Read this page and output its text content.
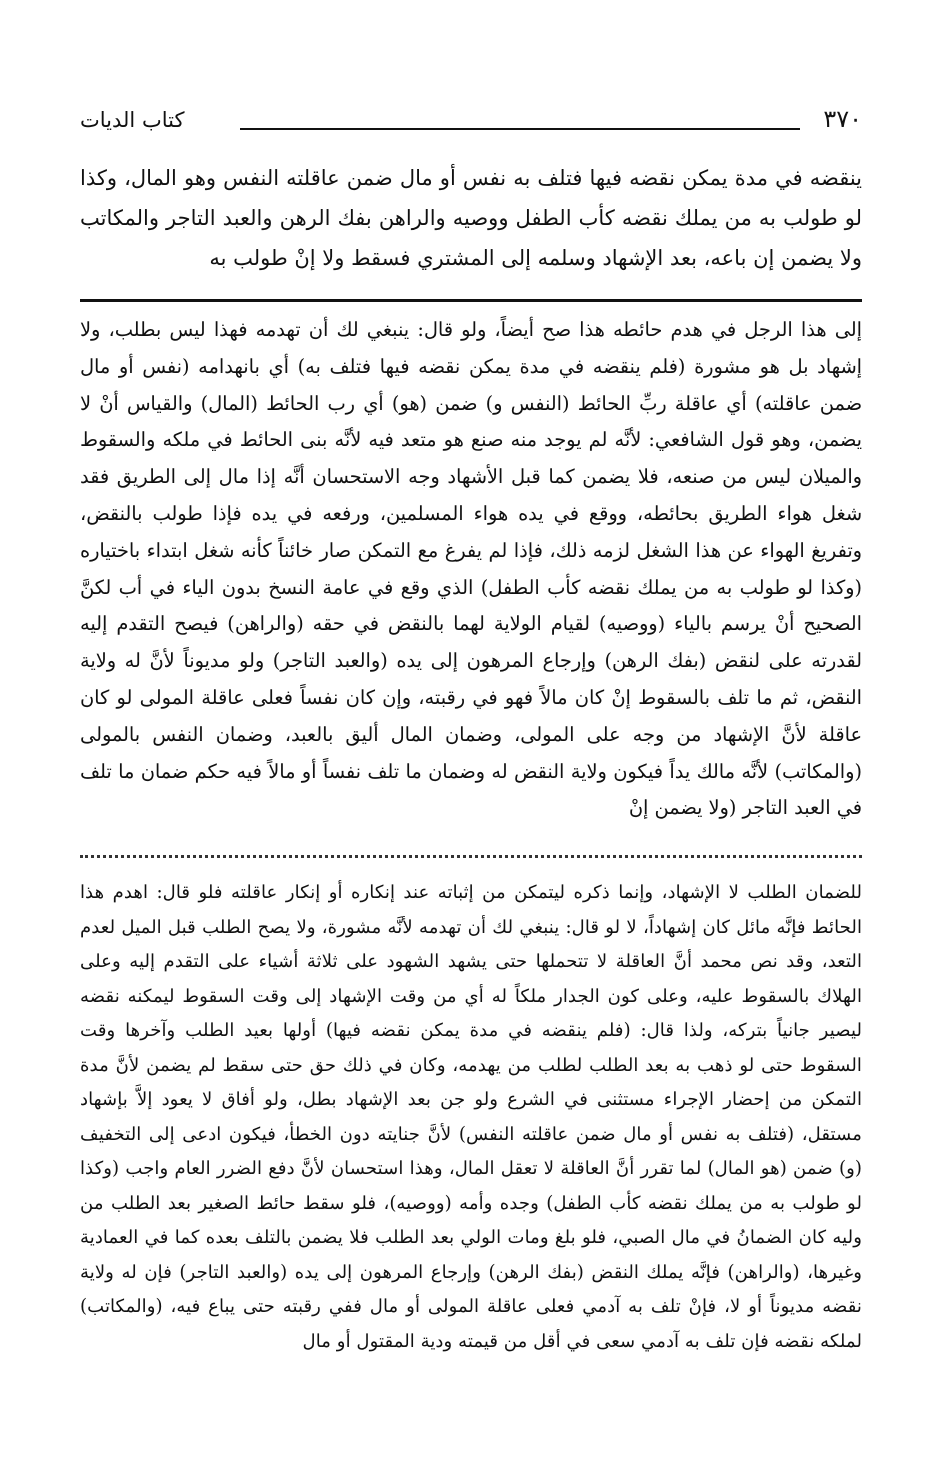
٣٧٠
كتاب الديات

ينقضه في مدة يمكن نقضه فيها فتلف به نفس أو مال ضمن عاقلته النفس وهو المال، وكذا لو طولب به من يملك نقضه كأب الطفل ووصيه والراهن بفك الرهن والعبد التاجر والمكاتب ولا يضمن إن باعه، بعد الإشهاد وسلمه إلى المشتري فسقط ولا إنْ طولب به

إلى هذا الرجل في هدم حائطه هذا صح أيضاً، ولو قال: ينبغي لك أن تهدمه فهذا ليس بطلب، ولا إشهاد بل هو مشورة (فلم ينقضه في مدة يمكن نقضه فيها فتلف به) أي بانهدامه (نفس أو مال ضمن عاقلته) أي عاقلة ربِّ الحائط (النفس و) ضمن (هو) أي رب الحائط (المال) والقياس أنْ لا يضمن، وهو قول الشافعي: لأنَّه لم يوجد منه صنع هو متعد فيه لأنَّه بنى الحائط في ملكه والسقوط والميلان ليس من صنعه، فلا يضمن كما قبل الأشهاد وجه الاستحسان أنَّه إذا مال إلى الطريق فقد شغل هواء الطريق بحائطه، ووقع في يده هواء المسلمين، ورفعه في يده فإذا طولب بالنقض، وتفريغ الهواء عن هذا الشغل لزمه ذلك، فإذا لم يفرغ مع التمكن صار خائناً كأنه شغل ابتداء باختياره (وكذا لو طولب به من يملك نقضه كأب الطفل) الذي وقع في عامة النسخ بدون الياء في أب لكنَّ الصحيح أنْ يرسم بالياء (ووصيه) لقيام الولاية لهما بالنقض في حقه (والراهن) فيصح التقدم إليه لقدرته على لنقض (بفك الرهن) وإرجاع المرهون إلى يده (والعبد التاجر) ولو مديوناً لأنَّ له ولاية النقض، ثم ما تلف بالسقوط إنْ كان مالاً فهو في رقبته، وإن كان نفساً فعلى عاقلة المولى لو كان عاقلة لأنَّ الإشهاد من وجه على المولى، وضمان المال أليق بالعبد، وضمان النفس بالمولى (والمكاتب) لأنَّه مالك يداً فيكون ولاية النقض له وضمان ما تلف نفساً أو مالاً فيه حكم ضمان ما تلف في العبد التاجر (ولا يضمن إنْ

للضمان الطلب لا الإشهاد، وإنما ذكره ليتمكن من إثباته عند إنكاره أو إنكار عاقلته فلو قال: اهدم هذا الحائط فإنَّه مائل كان إشهاداً، لا لو قال: ينبغي لك أن تهدمه لأنَّه مشورة، ولا يصح الطلب قبل الميل لعدم التعد، وقد نص محمد أنَّ العاقلة لا تتحملها حتى يشهد الشهود على ثلاثة أشياء على التقدم إليه وعلى الهلاك بالسقوط عليه، وعلى كون الجدار ملكاً له أي من وقت الإشهاد إلى وقت السقوط ليمكنه نقضه ليصير جانياً بتركه، ولذا قال: (فلم ينقضه في مدة يمكن نقضه فيها) أولها بعيد الطلب وآخرها وقت السقوط حتى لو ذهب به بعد الطلب لطلب من يهدمه، وكان في ذلك حق حتى سقط لم يضمن لأنَّ مدة التمكن من إحضار الإجراء مستثنى في الشرع ولو جن بعد الإشهاد بطل، ولو أفاق لا يعود إلاَّ بإشهاد مستقل، (فتلف به نفس أو مال ضمن عاقلته النفس) لأنَّ جنايته دون الخطأ، فيكون ادعى إلى التخفيف (و) ضمن (هو المال) لما تقرر أنَّ العاقلة لا تعقل المال، وهذا استحسان لأنَّ دفع الضرر العام واجب (وكذا لو طولب به من يملك نقضه كأب الطفل) وجده وأمه (ووصيه)، فلو سقط حائط الصغير بعد الطلب من وليه كان الضمانُ في مال الصبي، فلو بلغ ومات الولي بعد الطلب فلا يضمن بالتلف بعده كما في العمادية وغيرها، (والراهن) فإنَّه يملك النقض (بفك الرهن) وإرجاع المرهون إلى يده (والعبد التاجر) فإن له ولاية نقضه مديوناً أو لا، فإنْ تلف به آدمي فعلى عاقلة المولى أو مال ففي رقبته حتى يباع فيه، (والمكاتب) لملكه نقضه فإن تلف به آدمي سعى في أقل من قيمته ودية المقتول أو مال
